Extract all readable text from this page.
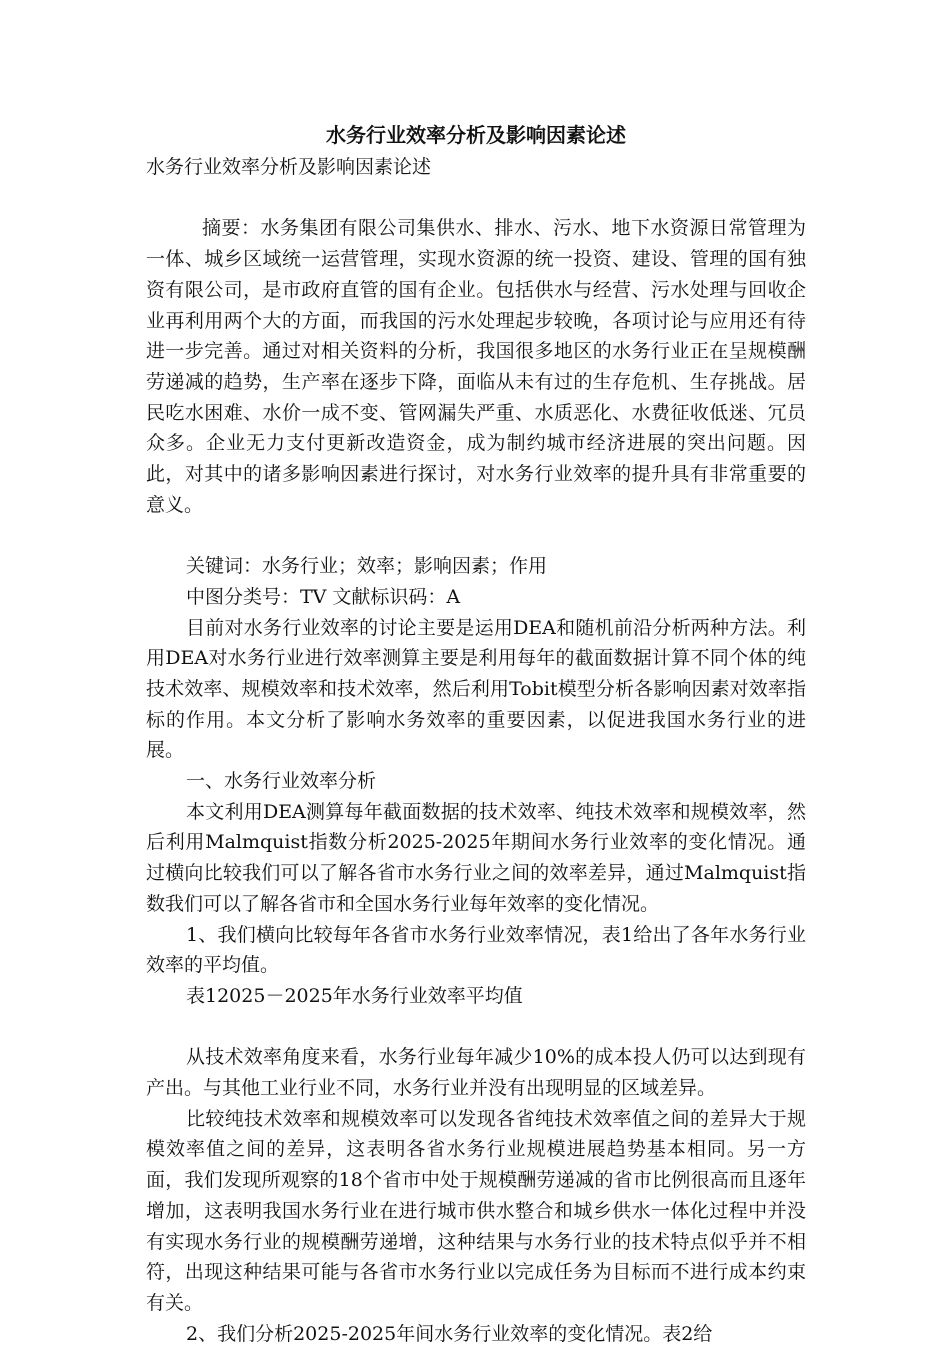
水务行业效率分析及影响因素论述

水务行业效率分析及影响因素论述

摘要：水务集团有限公司集供水、排水、污水、地下水资源日常管理为一体、城乡区域统一运营管理，实现水资源的统一投资、建设、管理的国有独资有限公司，是市政府直管的国有企业。包括供水与经营、污水处理与回收企业再利用两个大的方面，而我国的污水处理起步较晚，各项讨论与应用还有待进一步完善。通过对相关资料的分析，我国很多地区的水务行业正在呈规模酬劳递减的趋势，生产率在逐步下降，面临从未有过的生存危机、生存挑战。居民吃水困难、水价一成不变、管网漏失严重、水质恶化、水费征收低迷、冗员众多。企业无力支付更新改造资金，成为制约城市经济进展的突出问题。因此，对其中的诸多影响因素进行探讨，对水务行业效率的提升具有非常重要的意义。

关键词：水务行业；效率；影响因素；作用

中图分类号：TV 文献标识码：A

目前对水务行业效率的讨论主要是运用DEA和随机前沿分析两种方法。利用DEA对水务行业进行效率测算主要是利用每年的截面数据计算不同个体的纯技术效率、规模效率和技术效率，然后利用Tobit模型分析各影响因素对效率指标的作用。本文分析了影响水务效率的重要因素，以促进我国水务行业的进展。

一、水务行业效率分析

本文利用DEA测算每年截面数据的技术效率、纯技术效率和规模效率，然后利用Malmquist指数分析2025-2025年期间水务行业效率的变化情况。通过横向比较我们可以了解各省市水务行业之间的效率差异，通过Malmquist指数我们可以了解各省市和全国水务行业每年效率的变化情况。

1、我们横向比较每年各省市水务行业效率情况，表1给出了各年水务行业效率的平均值。

表12025－2025年水务行业效率平均值

从技术效率角度来看，水务行业每年减少10%的成本投人仍可以达到现有产出。与其他工业行业不同，水务行业并没有出现明显的区域差异。

比较纯技术效率和规模效率可以发现各省纯技术效率值之间的差异大于规模效率值之间的差异，这表明各省水务行业规模进展趋势基本相同。另一方面，我们发现所观察的18个省市中处于规模酬劳递减的省市比例很高而且逐年增加，这表明我国水务行业在进行城市供水整合和城乡供水一体化过程中并没有实现水务行业的规模酬劳递增，这种结果与水务行业的技术特点似乎并不相符，出现这种结果可能与各省市水务行业以完成任务为目标而不进行成本约束有关。

2、我们分析2025-2025年间水务行业效率的变化情况。表2给
